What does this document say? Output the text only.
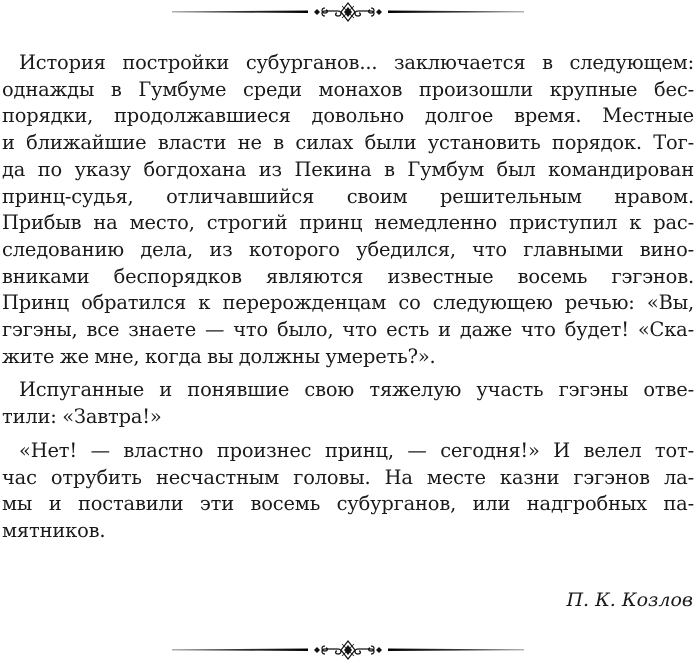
История постройки субурганов... заключается в следующем:
однажды в Гумбуме среди монахов произошли крупные бес-
порядки, продолжавшиеся довольно долгое время. Местные
и ближайшие власти не в силах были установить порядок. Тог-
да по указу богдохана из Пекина в Гумбум был командирован
принц-судья, отличавшийся своим решительным нравом.
Прибыв на место, строгий принц немедленно приступил к рас-
следованию дела, из которого убедился, что главными вино-
вниками беспорядков являются известные восемь гэгэнов.
Принц обратился к перерожденцам со следующею речью: «Вы,
гэгэны, все знаете — что было, что есть и даже что будет! «Ска-
жите же мне, когда вы должны умереть?».

Испуганные и понявшие свою тяжелую участь гэгэны отве-
тили: «Завтра!»

«Нет! — властно произнес принц, — сегодня!» И велел тот-
час отрубить несчастным головы. На месте казни гэгэнов ла-
мы и поставили эти восемь субурганов, или надгробных па-
мятников.

П. К. Козлов
